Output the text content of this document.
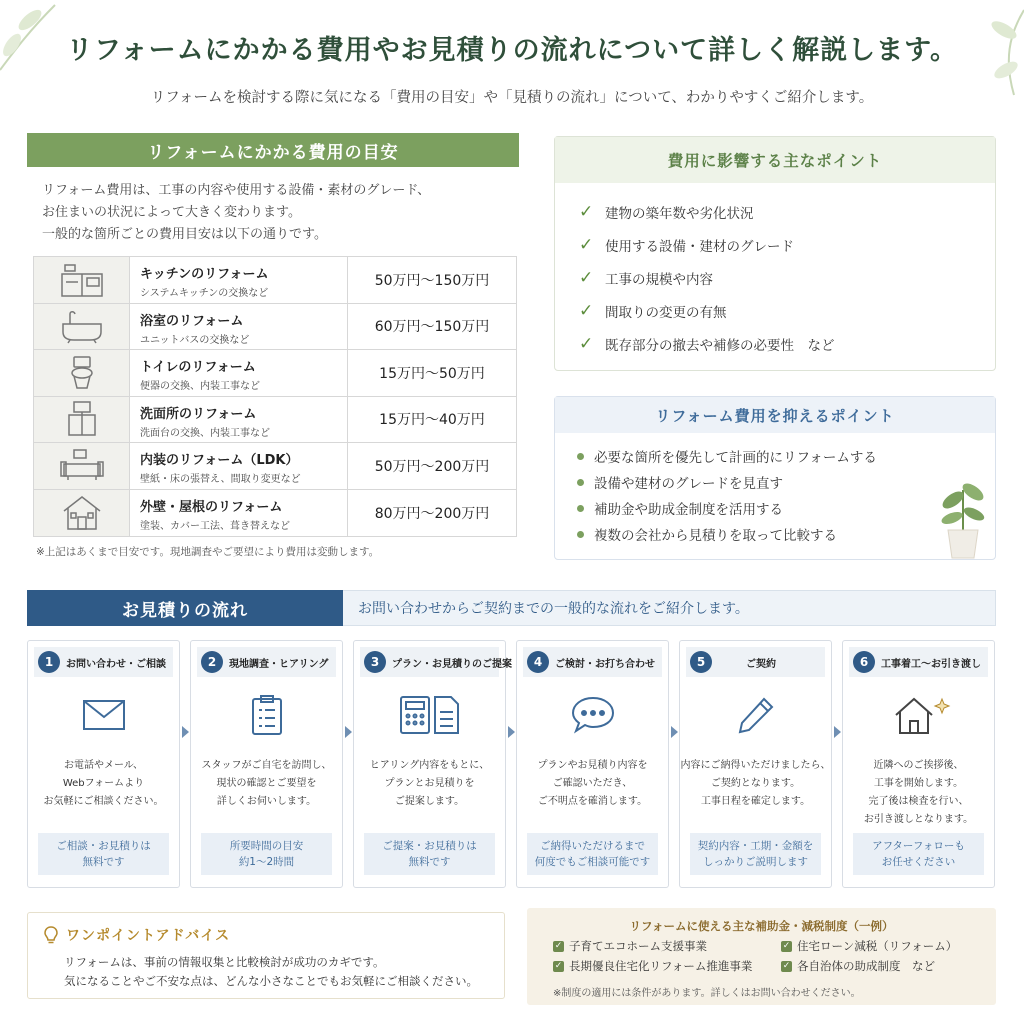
リフォームにかかる費用やお見積りの流れについて詳しく解説します。

リフォームを検討する際に気になる「費用の目安」や「見積りの流れ」について、わかりやすくご紹介します。

リフォームにかかる費用の目安
リフォーム費用は、工事の内容や使用する設備・素材のグレード、
お住まいの状況によって大きく変わります。
一般的な箇所ごとの費用目安は以下の通りです。
キッチンのリフォーム
システムキッチンの交換など
50万円～150万円
浴室のリフォーム
ユニットバスの交換など
60万円～150万円
トイレのリフォーム
便器の交換、内装工事など
15万円～50万円
洗面所のリフォーム
洗面台の交換、内装工事など
15万円～40万円
内装のリフォーム（LDK）
壁紙・床の張替え、間取り変更など
50万円～200万円
外壁・屋根のリフォーム
塗装、カバー工法、葺き替えなど
80万円～200万円
※上記はあくまで目安です。現地調査やご要望により費用は変動します。
費用に影響する主なポイント
✓ 建物の築年数や劣化状況
✓ 使用する設備・建材のグレード
✓ 工事の規模や内容
✓ 間取りの変更の有無
✓ 既存部分の撤去や補修の必要性　など
リフォーム費用を抑えるポイント
必要な箇所を優先して計画的にリフォームする
設備や建材のグレードを見直す
補助金や助成金制度を活用する
複数の会社から見積りを取って比較する
お見積りの流れ	お問い合わせからご契約までの一般的な流れをご紹介します。
1	お問い合わせ・ご相談
お電話やメール、
Webフォームより
お気軽にご相談ください。
ご相談・お見積りは
無料です
2	現地調査・ヒアリング
スタッフがご自宅を訪問し、
現状の確認とご要望を
詳しくお伺いします。
所要時間の目安
約1～2時間
3	プラン・お見積りのご提案
ヒアリング内容をもとに、
プランとお見積りを
ご提案します。
ご提案・お見積りは
無料です
4	ご検討・お打ち合わせ
プランやお見積り内容を
ご確認いただき、
ご不明点を確消します。
ご納得いただけるまで
何度でもご相談可能です
5	ご契約
内容にご納得いただけましたら、
ご契約となります。
工事日程を確定します。
契約内容・工期・金額を
しっかりご説明します
6	工事着工～お引き渡し
近隣へのご挨拶後、
工事を開始します。
完了後は検査を行い、
お引き渡しとなります。
アフターフォローも
お任せください
ワンポイントアドバイス
リフォームは、事前の情報収集と比較検討が成功のカギです。
気になることやご不安な点は、どんな小さなことでもお気軽にご相談ください。
リフォームに使える主な補助金・減税制度（一例）
✓ 子育てエコホーム支援事業	✓ 住宅ローン減税（リフォーム）
✓ 長期優良住宅化リフォーム推進事業	✓ 各自治体の助成制度　など
※制度の適用には条件があります。詳しくはお問い合わせください。
